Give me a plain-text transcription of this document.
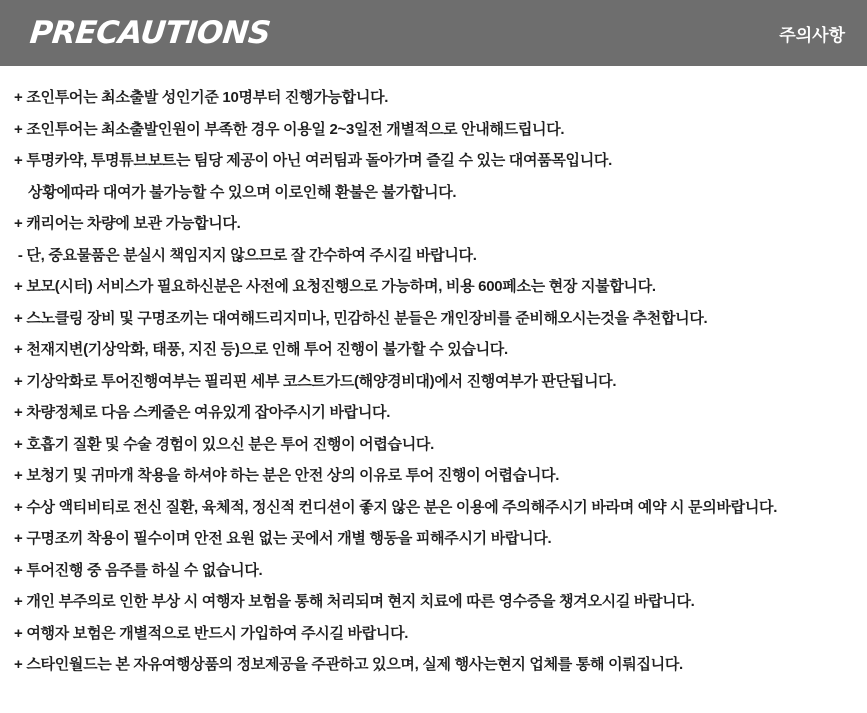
PRECAUTIONS	주의사항
+ 조인투어는 최소출발 성인기준 10명부터 진행가능합니다.
+ 조인투어는 최소출발인원이 부족한 경우 이용일 2~3일전 개별적으로 안내해드립니다.
+ 투명카약, 투명튜브보트는 팀당 제공이 아닌 여러팀과 돌아가며 즐길 수 있는 대여품목입니다.
상황에따라 대여가 불가능할 수 있으며 이로인해 환불은 불가합니다.
+ 캐리어는 차량에 보관 가능합니다.
- 단, 중요물품은 분실시 책임지지 않으므로 잘 간수하여 주시길 바랍니다.
+ 보모(시터) 서비스가 필요하신분은 사전에 요청진행으로 가능하며, 비용 600페소는 현장 지불합니다.
+ 스노클링 장비 및 구명조끼는 대여해드리지미나, 민감하신 분들은 개인장비를 준비해오시는것을 추천합니다.
+ 천재지변(기상악화, 태풍, 지진 등)으로 인해 투어 진행이 불가할 수 있습니다.
+ 기상악화로 투어진행여부는 필리핀 세부 코스트가드(해양경비대)에서 진행여부가 판단됩니다.
+ 차량정체로 다음 스케줄은 여유있게 잡아주시기 바랍니다.
+ 호흡기 질환 및 수술 경험이 있으신 분은 투어 진행이 어렵습니다.
+ 보청기 및 귀마개 착용을 하셔야 하는 분은 안전 상의 이유로 투어 진행이 어렵습니다.
+ 수상 액티비티로 전신 질환, 육체적, 정신적 컨디션이 좋지 않은 분은 이용에 주의해주시기 바라며 예약 시 문의바랍니다.
+ 구명조끼 착용이 필수이며 안전 요원 없는 곳에서 개별 행동을 피해주시기 바랍니다.
+ 투어진행 중 음주를 하실 수 없습니다.
+ 개인 부주의로 인한 부상 시 여행자 보험을 통해 처리되며 현지 치료에 따른 영수증을 챙겨오시길 바랍니다.
+ 여행자 보험은 개별적으로 반드시 가입하여 주시길 바랍니다.
+ 스타인월드는 본 자유여행상품의 정보제공을 주관하고 있으며, 실제 행사는현지 업체를 통해 이뤄집니다.
